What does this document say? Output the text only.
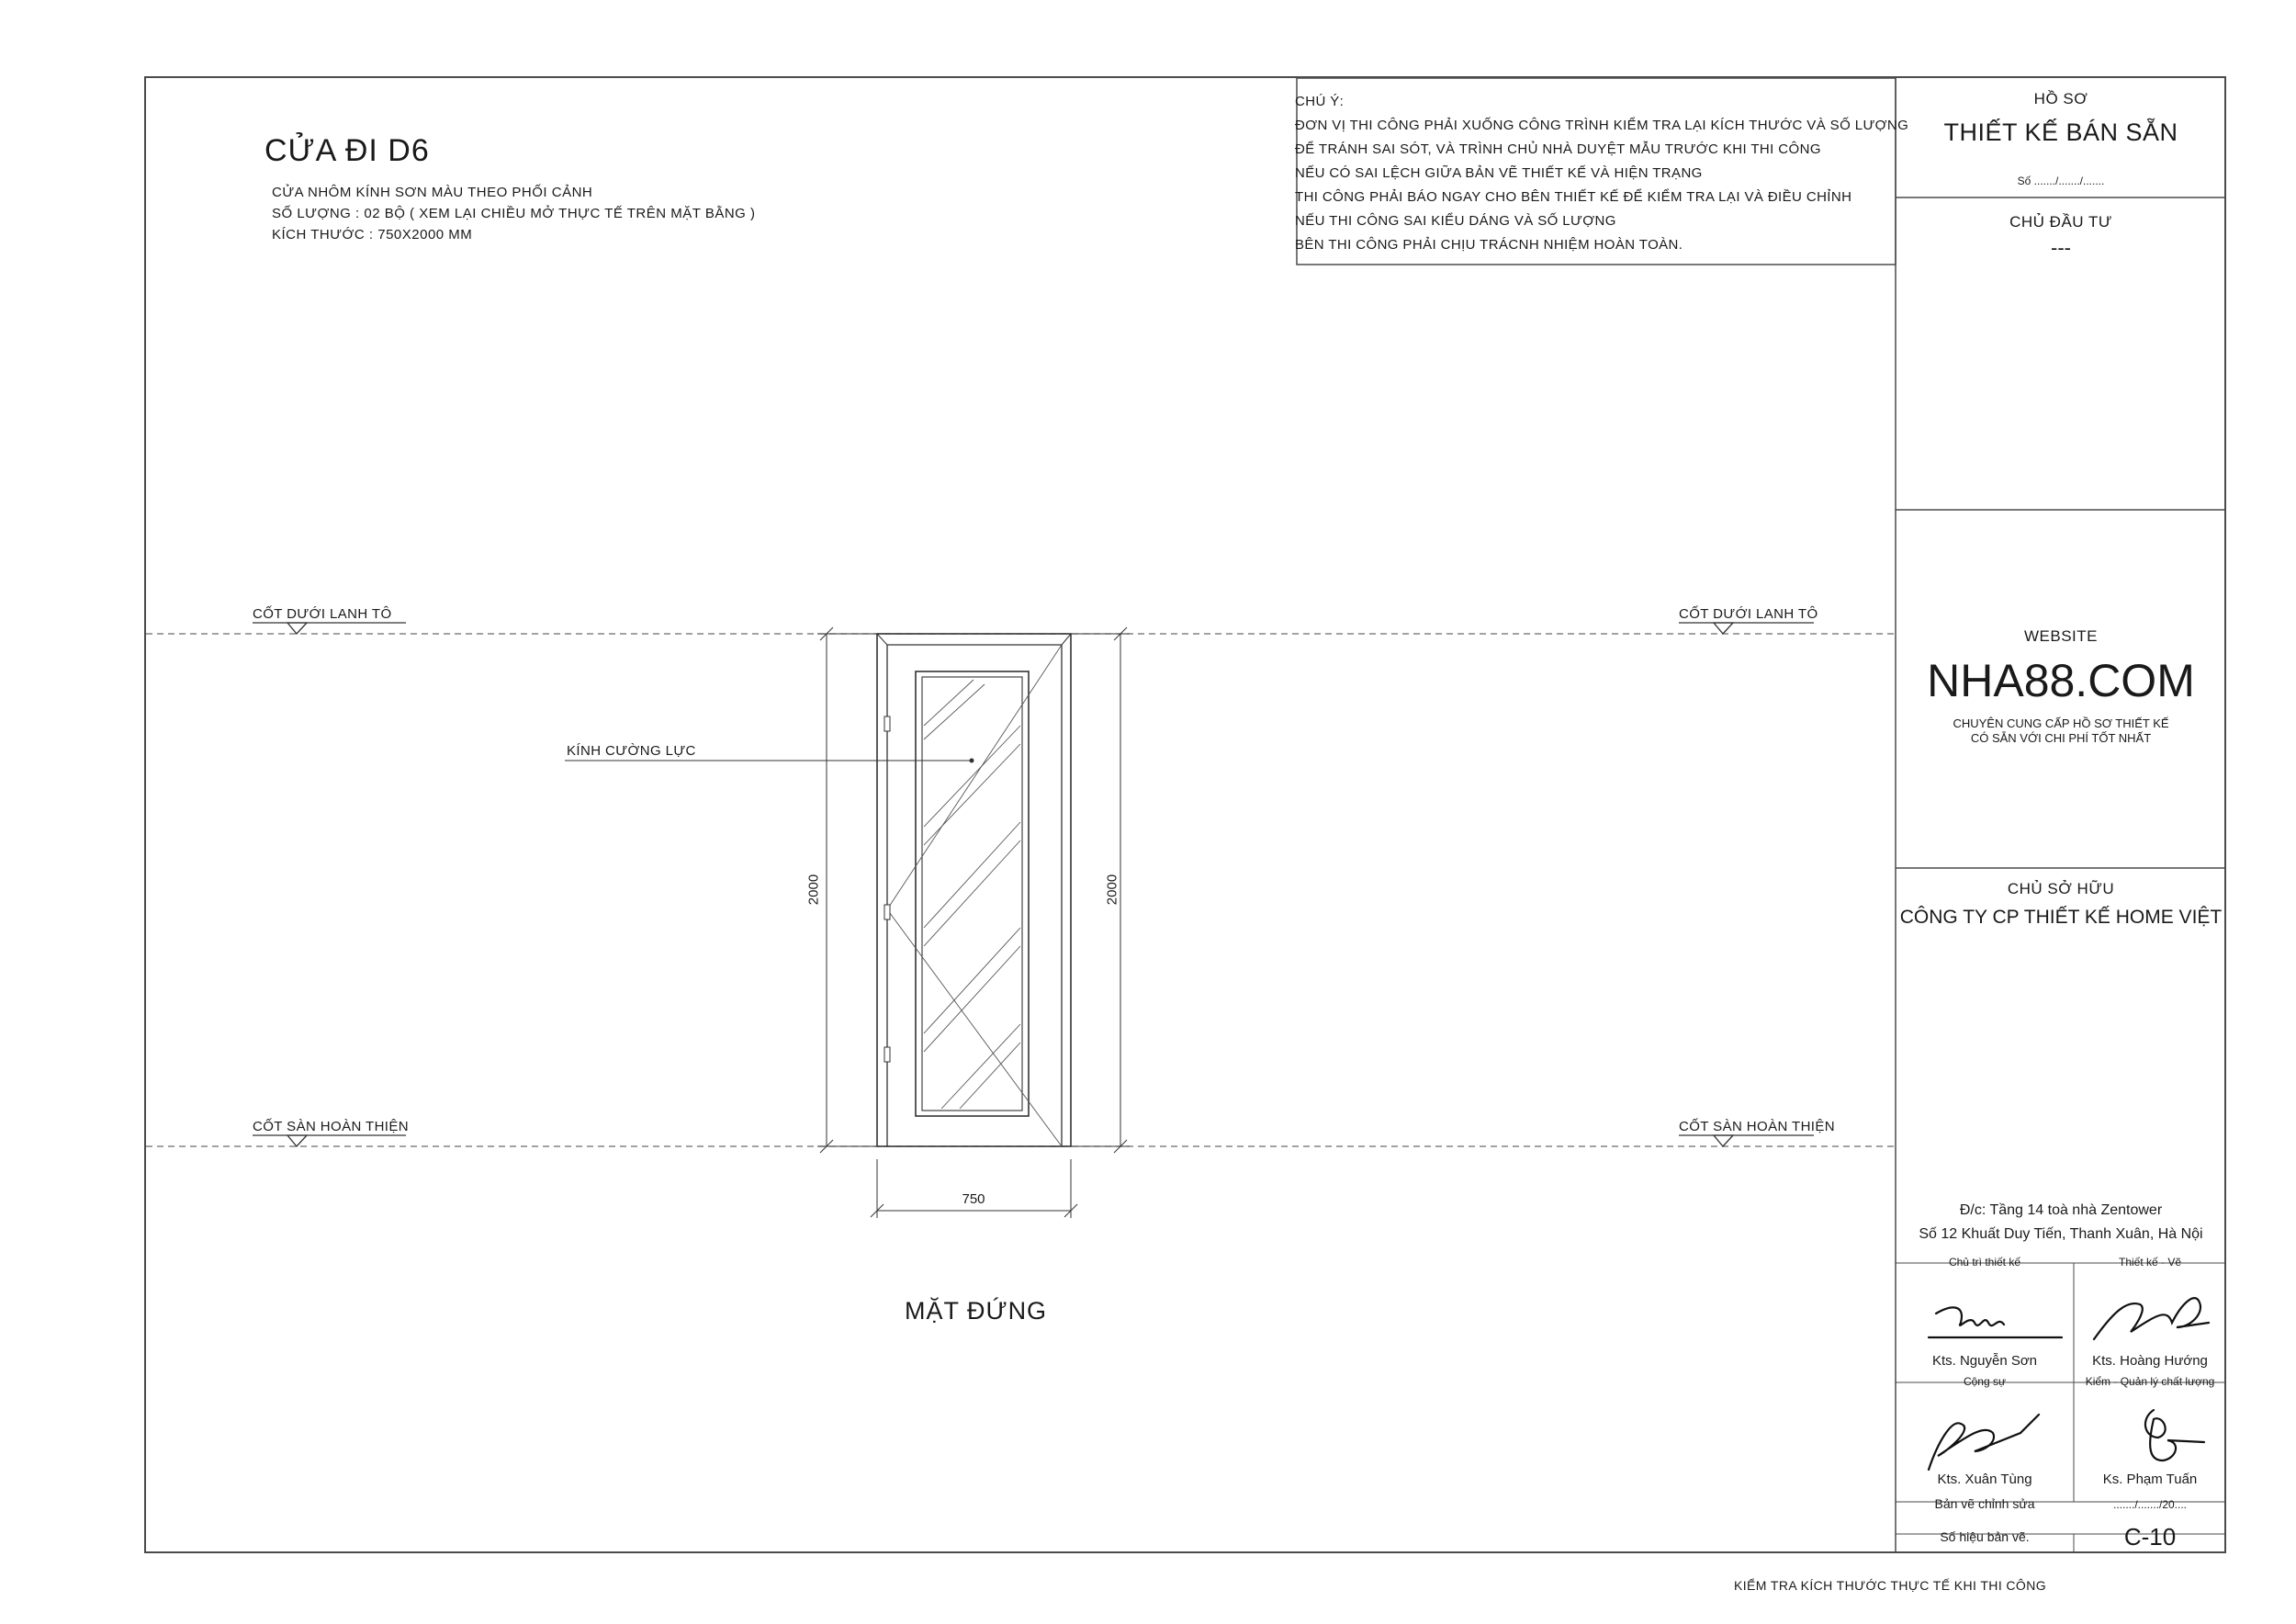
CỬA ĐI D6
CỬA NHÔM KÍNH SƠN MÀU THEO PHỐI CẢNH
SỐ LƯỢNG : 02 BỘ ( XEM LẠI CHIỀU MỞ THỰC TẾ TRÊN MẶT BẰNG )
KÍCH THƯỚC : 750X2000 MM
CHÚ Ý:
ĐƠN VỊ THI CÔNG PHẢI XUỐNG CÔNG TRÌNH KIỂM TRA LẠI KÍCH THƯỚC VÀ SỐ LƯỢNG
ĐỂ TRÁNH SAI SÓT, VÀ TRÌNH CHỦ NHÀ DUYỆT MẪU TRƯỚC KHI THI CÔNG
NẾU CÓ SAI LỆCH GIỮA BẢN VẼ THIẾT KẾ VÀ HIỆN TRẠNG
THI CÔNG PHẢI BÁO NGAY CHO BÊN THIẾT KẾ ĐỂ KIỂM TRA LẠI VÀ ĐIỀU CHỈNH
NẾU THI CÔNG SAI KIỂU DÁNG VÀ SỐ LƯỢNG
BÊN THI CÔNG PHẢI CHỊU TRÁCNH NHIỆM HOÀN TOÀN.
CỐT DƯỚI LANH TÔ	CỐT DƯỚI LANH TÔ
CỐT SÀN HOÀN THIỆN	CỐT SÀN HOÀN THIỆN
KÍNH CƯỜNG LỰC
2000	2000
750
MẶT ĐỨNG
HỒ SƠ
THIẾT KẾ BÁN SẴN
Số ......./......./.......
CHỦ ĐẦU TƯ
---
WEBSITE
NHA88.COM
CHUYÊN CUNG CẤP HỒ SƠ THIẾT KẾ
CÓ SẴN VỚI CHI PHÍ TỐT NHẤT
CHỦ SỞ HỮU
CÔNG TY CP THIẾT KẾ HOME VIỆT
Đ/c: Tầng 14 toà nhà Zentower
Số 12 Khuất Duy Tiến, Thanh Xuân, Hà Nội
Chủ trì thiết kế	Thiết kế - Vẽ
Kts. Nguyễn Sơn	Kts. Hoàng Hướng
Cộng sự	Kiểm - Quản lý chất lượng
Kts. Xuân Tùng	Ks. Phạm Tuấn
Bản vẽ chỉnh sửa	......./......./20....
Số hiệu bản vẽ.	C-10
KIỂM TRA KÍCH THƯỚC THỰC TẾ KHI THI CÔNG
